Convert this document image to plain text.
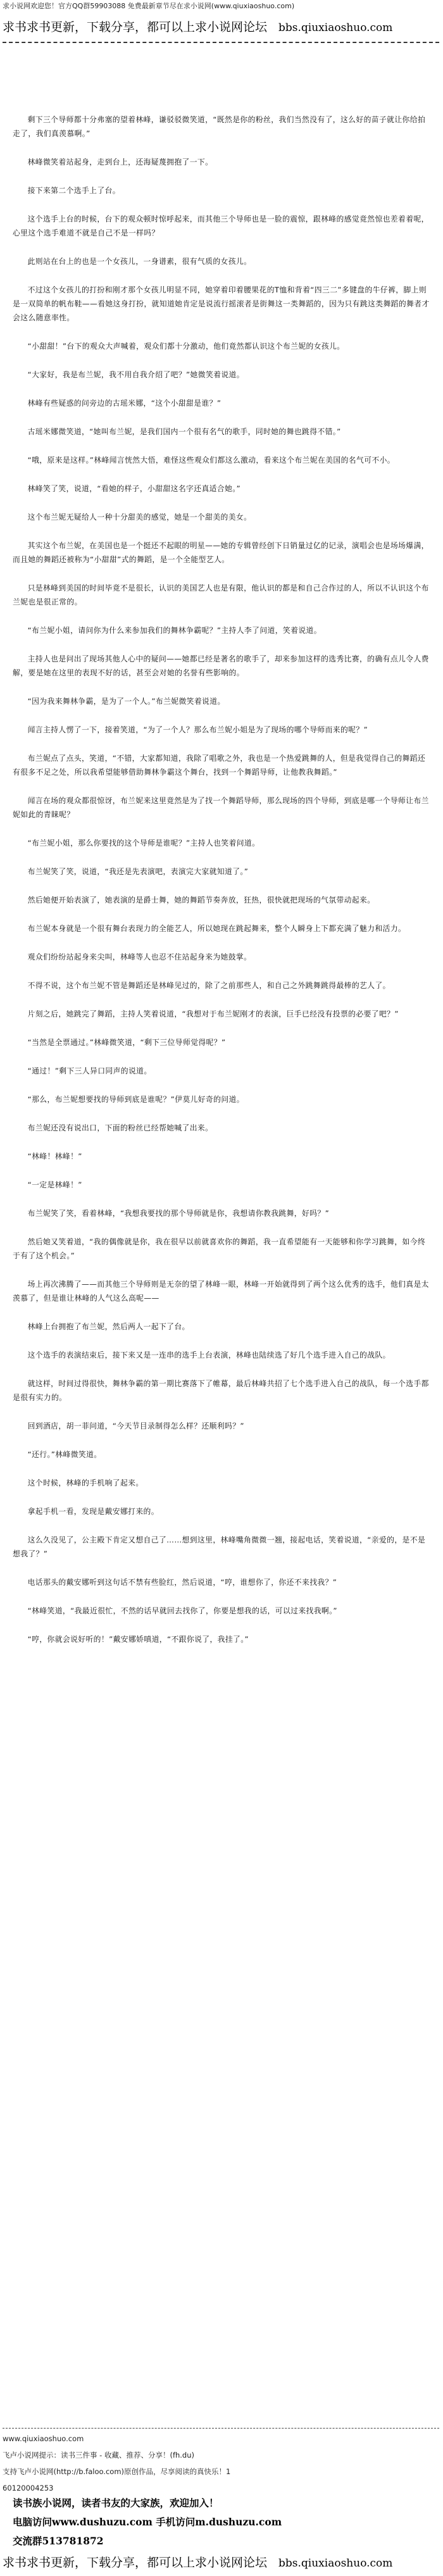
求小说网欢迎您！官方QQ群59903088 免费最新章节尽在求小说网(www.qiuxiaoshuo.com)
求书求书更新，下载分享，都可以上求小说网论坛 bbs.qiuxiaoshuo.com

剩下三个导师都十分弗塞的望着林峰，谦驳驳微笑道，“既然是你的粉丝，我们当然没有了，这么好的苗子就让你给拍走了，我们真羡慕啊。”

林峰微笑着站起身，走到台上，还海疑蔑拥抱了一下。

接下来第二个选手上了台。

这个选手上台的时候，台下的观众顿时惊呼起来，而其他三个导师也是一脸的震惊，跟林峰的感觉竟然惊也差着着呢，心里这个选手难道不就是自己不是一样吗？

此则站在台上的也是一个女孩儿，一身谱素，很有气质的女孩儿。

不过这个女孩儿的打扮和刚才那个女孩儿明显不同，她穿着印着腰果花的T恤和背着“四三二”多键盘的牛仔裤，脚上则是一双简单的帆布鞋——看她这身打扮，就知道她肯定是说流行摇滚者是街舞这一类舞蹈的，因为只有跳这类舞蹈的舞者才会这么随意率性。

“小甜甜！”台下的观众大声喊着，观众们都十分激动，他们竟然都认识这个布兰妮的女孩儿。

“大家好，我是布兰妮，我不用自我介绍了吧？”她微笑着说道。

林峰有些疑惑的问旁边的古瑶米娜，“这个小甜甜是谁？”

古瑶米娜微笑道，“她叫布兰妮，是我们国内一个很有名气的歌手，同时她的舞也跳得不错。”

“哦，原来是这样。”林峰闻言恍然大悟，难怪这些观众们都这么激动，看来这个布兰妮在美国的名气可不小。

林峰笑了笑，说道，“看她的样子，小甜甜这名字还真适合她。”

这个布兰妮无疑给人一种十分甜美的感觉，她是一个甜美的美女。

其实这个布兰妮，在美国也是一个挺还不起眼的明星——她的专辑曾经创下日销量过亿的记录，演唱会也是场场爆满，而且她的舞蹈还被称为“小甜甜”式的舞蹈，是一个全能型艺人。

只是林峰到美国的时间毕竟不是很长，认识的美国艺人也是有限，他认识的都是和自己合作过的人，所以不认识这个布兰妮也是很正常的。

“布兰妮小姐，请问你为什么来参加我们的舞林争霸呢？”主持人李了问道，笑着说道。

主持人也是问出了现场其他人心中的疑问——她都已经是著名的歌手了，却来参加这样的选秀比赛，的确有点儿令人费解，要是她在这里的表现不好的话，甚至会对她的名誉有些影响的。

“因为我来舞林争霸，是为了一个人。”布兰妮微笑着说道。

闻言主持人愣了一下，接着笑道，“为了一个人？那么布兰妮小姐是为了现场的哪个导师而来的呢？”

布兰妮点了点头，笑道，“不错，大家都知道，我除了唱歌之外，我也是一个热爱跳舞的人，但是我觉得自己的舞蹈还有很多不足之处，所以我希望能够借助舞林争霸这个舞台，找到一个舞蹈导师，让他教我舞蹈。”

闻言在场的观众都很惊讶，布兰妮来这里竟然是为了找一个舞蹈导师，那么现场的四个导师，到底是哪一个导师让布兰妮如此的青睐呢？

“布兰妮小姐，那么你要找的这个导师是谁呢？”主持人也笑着问道。

布兰妮笑了笑，说道，“我还是先表演吧，表演完大家就知道了。”

然后她便开始表演了，她表演的是爵士舞，她的舞蹈节奏奔放，狂热，很快就把现场的气氛带动起来。

布兰妮本身就是一个很有舞台表现力的全能艺人，所以她现在跳起舞来，整个人瞬身上下都充满了魅力和活力。

观众们纷纷站起身来尖叫，林峰等人也忍不住站起身来为她鼓掌。

不得不说，这个布兰妮不管是舞蹈还是林峰见过的，除了之前那些人，和自己之外跳舞跳得最棒的艺人了。

片刻之后，她跳完了舞蹈，主持人笑着说道，“我想对于布兰妮刚才的表演，巨手已经没有投票的必要了吧？”

“当然是全票通过。”林峰微笑道，“剩下三位导师觉得呢？”

“通过！”剩下三人异口同声的说道。

“那么，布兰妮想要找的导师到底是谁呢？”伊莫儿好奇的问道。

布兰妮还没有说出口，下面的粉丝已经帮她喊了出来。

“林峰！林峰！”

“一定是林峰！”

布兰妮笑了笑，看着林峰，“我想我要找的那个导师就是你，我想请你教我跳舞，好吗？”

然后她又笑着道，“我的偶像就是你，我在很早以前就喜欢你的舞蹈，我一直希望能有一天能够和你学习跳舞，如今终于有了这个机会。”

场上再次沸腾了——而其他三个导师则是无奈的望了林峰一眼，林峰一开始就得到了两个这么优秀的选手，他们真是太羡慕了，但是谁让林峰的人气这么高呢——

林峰上台拥抱了布兰妮，然后两人一起下了台。

这个选手的表演结束后，接下来又是一连串的选手上台表演，林峰也陆续选了好几个选手进入自己的战队。

就这样，时间过得很快，舞林争霸的第一期比赛落下了帷幕，最后林峰共招了七个选手进入自己的战队，每一个选手都是很有实力的。

回到酒店，胡一菲问道，“今天节目录制得怎么样？还顺利吗？”

“还行。”林峰微笑道。

这个时候，林峰的手机响了起来。

拿起手机一看，发现是戴安娜打来的。

这么久没见了，公主殿下肯定又想自己了……想到这里，林峰嘴角微微一翘，接起电话，笑着说道，“亲爱的，是不是想我了？”

电话那头的戴安娜听到这句话不禁有些脸红，然后说道，“哼，谁想你了，你还不来找我？”

“林峰笑道，“我最近很忙，不然的话早就回去找你了，你要是想我的话，可以过来找我啊。”

“哼，你就会说好听的！”戴安娜娇嗔道，“不跟你说了，我挂了。”

www.qiuxiaoshuo.com
飞卢小说网提示：读书三件事 - 收藏、推荐、分享！(fh.du)
支持飞卢小说网(http://b.faloo.com)原创作品，尽享阅读的真快乐！1
60120004253
读书族小说网，读者书友的大家族，欢迎加入！
电脑访问www.dushuzu.com 手机访问m.dushuzu.com
交流群513781872
求书求书更新，下载分享，都可以上求小说网论坛 bbs.qiuxiaoshuo.com
